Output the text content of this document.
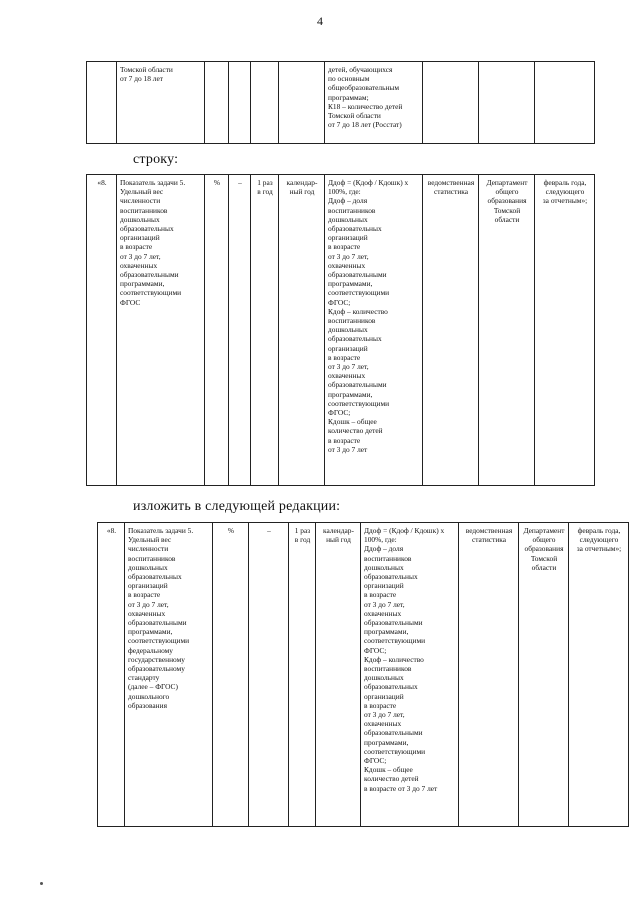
4
	Томской области
от 7 до 18 лет					детей, обучающихся
по основным
общеобразовательным
программам;
К18 – количество детей
Томской области
от 7 до 18 лет (Росстат)			
строку:
«8.	Показатель задачи 5.
Удельный вес
численности
воспитанников
дошкольных
образовательных
организаций
в возрасте
от 3 до 7 лет,
охваченных
образовательными
программами,
соответствующими
ФГОС	%	–	1 раз
в год	календар-
ный год	Ддоф = (Кдоф / Кдошк) х
100%, где:
Ддоф – доля
воспитанников
дошкольных
образовательных
организаций
в возрасте
от 3 до 7 лет,
охваченных
образовательными
программами,
соответствующими
ФГОС;
Кдоф – количество
воспитанников
дошкольных
образовательных
организаций
в возрасте
от 3 до 7 лет,
охваченных
образовательными
программами,
соответствующими
ФГОС;
Кдошк – общее
количество детей
в возрасте
от 3 до 7 лет	ведомственная
статистика	Департамент
общего
образования
Томской
области	февраль года,
следующего
за отчетным»;
изложить в следующей редакции:
«8.	Показатель задачи 5.
Удельный вес
численности
воспитанников
дошкольных
образовательных
организаций
в возрасте
от 3 до 7 лет,
охваченных
образовательными
программами,
соответствующими
федеральному
государственному
образовательному
стандарту
(далее – ФГОС)
дошкольного
образования	%	–	1 раз
в год	календар-
ный год	Ддоф = (Кдоф / Кдошк) х
100%, где:
Ддоф – доля
воспитанников
дошкольных
образовательных
организаций
в возрасте
от 3 до 7 лет,
охваченных
образовательными
программами,
соответствующими
ФГОС;
Кдоф – количество
воспитанников
дошкольных
образовательных
организаций
в возрасте
от 3 до 7 лет,
охваченных
образовательными
программами,
соответствующими
ФГОС;
Кдошк – общее
количество детей
в возрасте от 3 до 7 лет	ведомственная
статистика	Департамент
общего
образования
Томской
области	февраль года,
следующего
за отчетным»;
